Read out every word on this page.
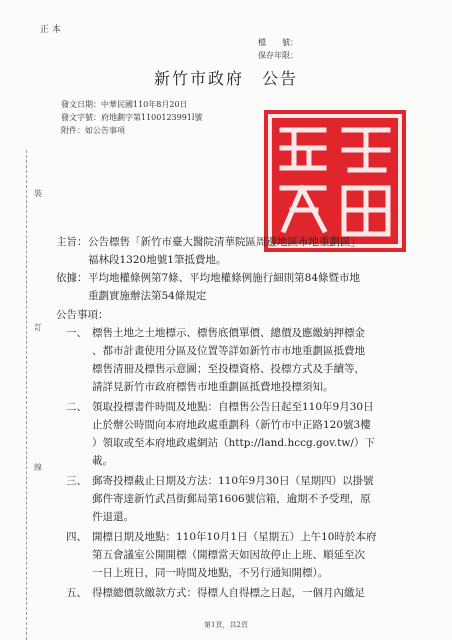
正 本
檔　　號：
保存年限：
新竹市政府　公告
發文日期：中華民國110年8月20日
發文字號：府地劃字第1100123991l號
附件：如公告事項
裝
訂
線
主旨： 公告標售「新竹市臺大醫院清華院區周邊地區市地重劃區」
福林段1320地號1筆抵費地。
依據： 平均地權條例第7條、平均地權條例施行細則第84條暨市地
重劃實施辦法第54條規定
公告事項：
一、 標售土地之土地標示、標售底價單價、總價及應繳納押標金
、都市計畫使用分區及位置等詳如新竹市市地重劃區抵費地
標售清冊及標售示意圖；至投標資格、投標方式及手續等，
請詳見新竹市政府標售市地重劃區抵費地投標須知。
二、 領取投標書件時間及地點：自標售公告日起至110年9月30日
止於辦公時間向本府地政處重劃科（新竹市中正路120號3樓
）領取或至本府地政處網站（http://land.hccg.gov.tw/）下
載。
三、 郵寄投標截止日期及方法：110年9月30日（星期四）以掛號
郵件寄達新竹武昌街郵局第1606號信箱，逾期不予受理，原
件退還。
四、 開標日期及地點：110年10月1日（星期五）上午10時於本府
第五會議室公開開標（開標當天如因故停止上班、順延至次
一日上班日，同一時間及地點，不另行通知開標）。
五、 得標總價款繳款方式：得標人自得標之日起，一個月內繳足
第1頁，共2頁
